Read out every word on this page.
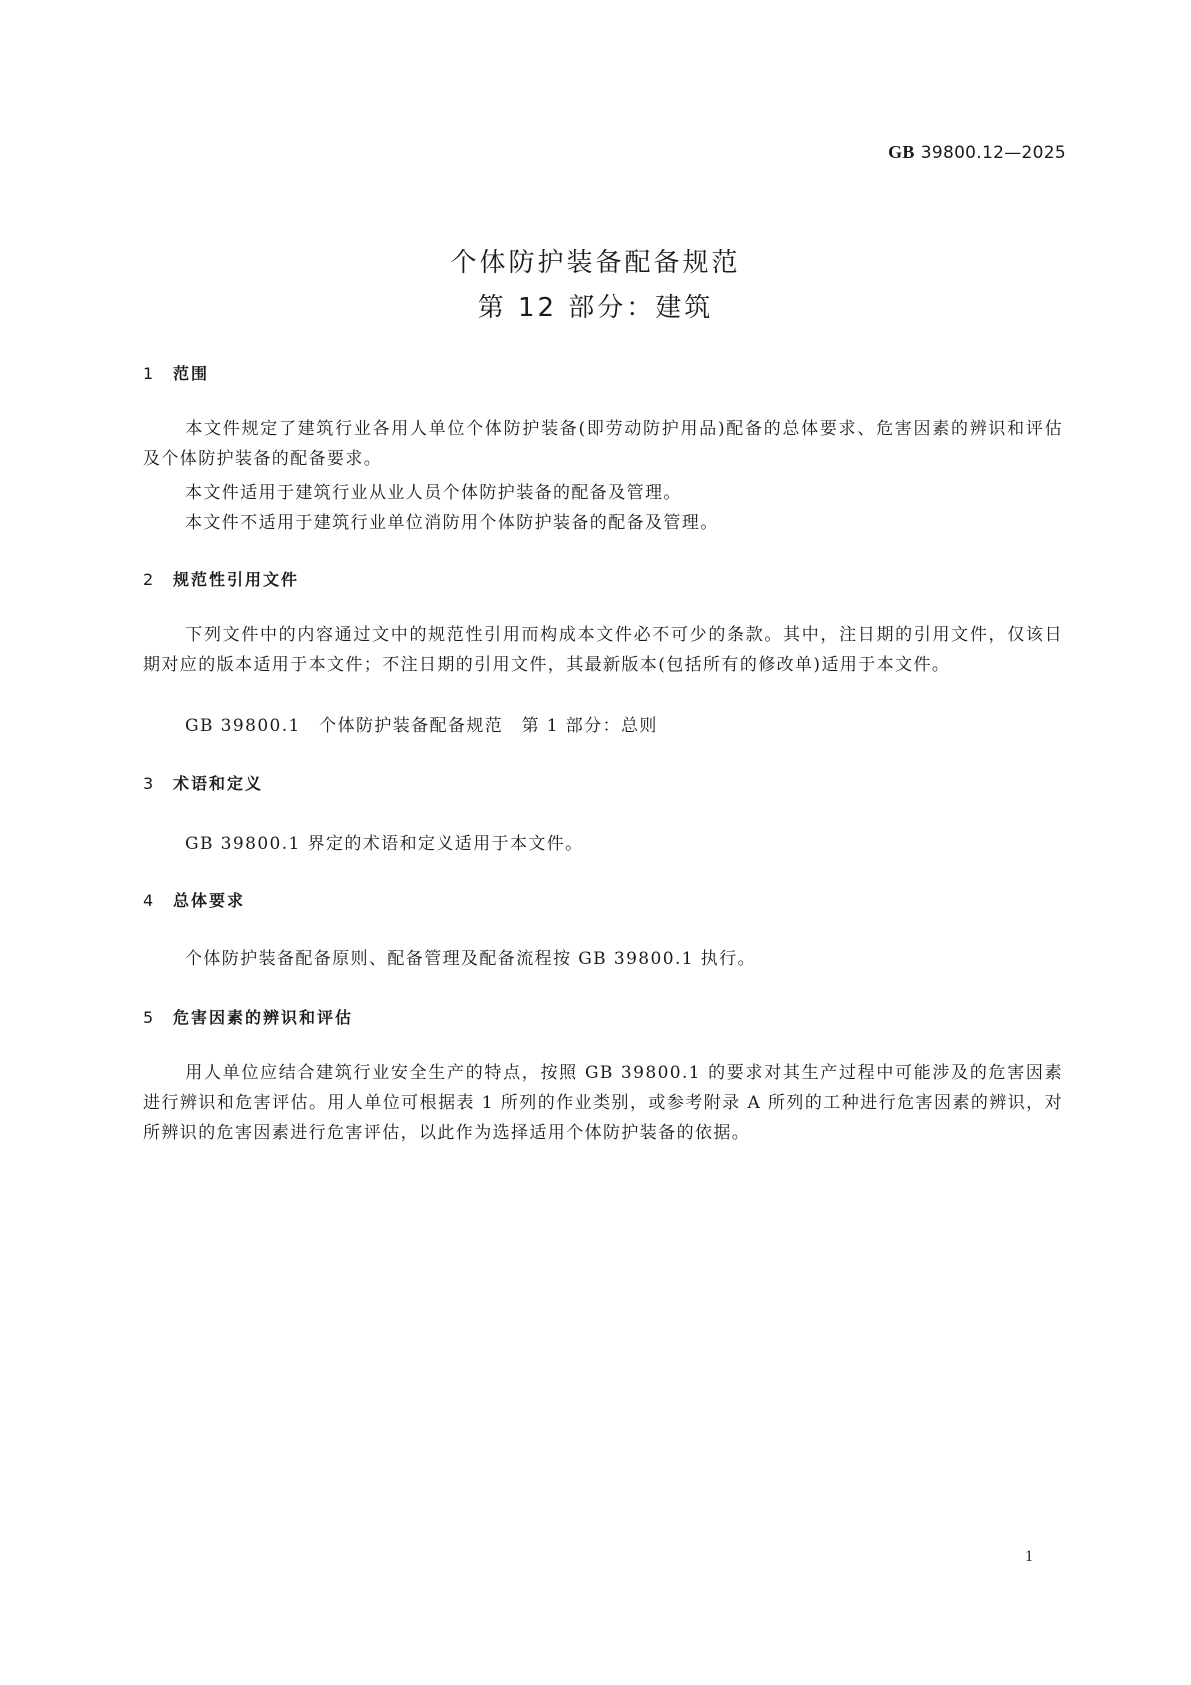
GB 39800.12—2025
个体防护装备配备规范
第 12 部分：建筑
1 范围
本文件规定了建筑行业各用人单位个体防护装备(即劳动防护用品)配备的总体要求、危害因素的辨识和评估及个体防护装备的配备要求。
本文件适用于建筑行业从业人员个体防护装备的配备及管理。
本文件不适用于建筑行业单位消防用个体防护装备的配备及管理。
2 规范性引用文件
下列文件中的内容通过文中的规范性引用而构成本文件必不可少的条款。其中，注日期的引用文件，仅该日期对应的版本适用于本文件；不注日期的引用文件，其最新版本(包括所有的修改单)适用于本文件。
GB 39800.1　个体防护装备配备规范　第 1 部分：总则
3 术语和定义
GB 39800.1 界定的术语和定义适用于本文件。
4 总体要求
个体防护装备配备原则、配备管理及配备流程按 GB 39800.1 执行。
5 危害因素的辨识和评估
用人单位应结合建筑行业安全生产的特点，按照 GB 39800.1 的要求对其生产过程中可能涉及的危害因素进行辨识和危害评估。用人单位可根据表 1 所列的作业类别，或参考附录 A 所列的工种进行危害因素的辨识，对所辨识的危害因素进行危害评估，以此作为选择适用个体防护装备的依据。
1
